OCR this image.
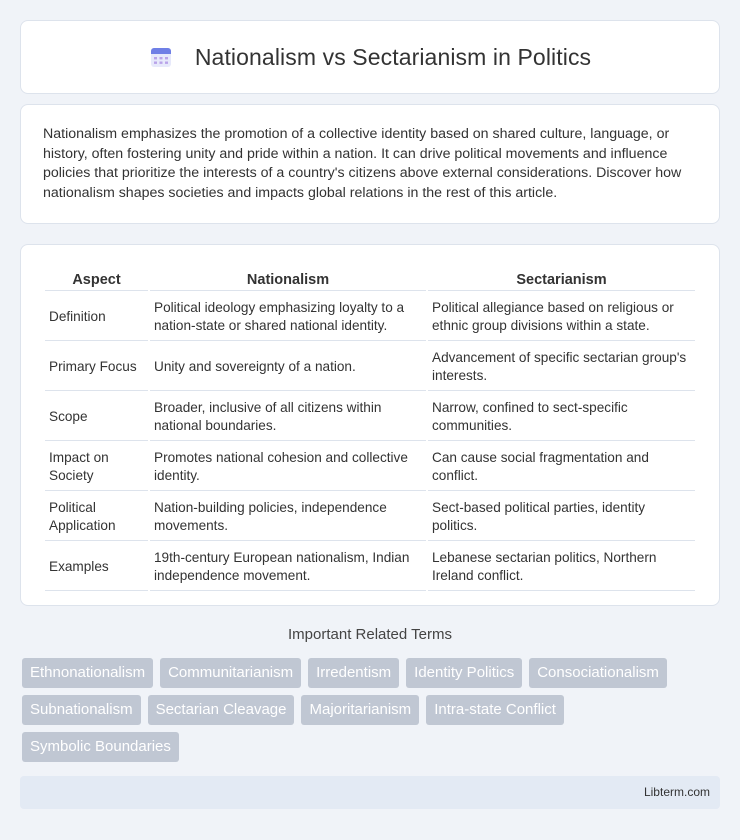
Nationalism vs Sectarianism in Politics

Nationalism emphasizes the promotion of a collective identity based on shared culture, language, or history, often fostering unity and pride within a nation. It can drive political movements and influence policies that prioritize the interests of a country's citizens above external considerations. Discover how nationalism shapes societies and impacts global relations in the rest of this article.

Aspect	Nationalism	Sectarianism
Definition	Political ideology emphasizing loyalty to a nation-state or shared national identity.	Political allegiance based on religious or ethnic group divisions within a state.
Primary Focus	Unity and sovereignty of a nation.	Advancement of specific sectarian group's interests.
Scope	Broader, inclusive of all citizens within national boundaries.	Narrow, confined to sect-specific communities.
Impact on Society	Promotes national cohesion and collective identity.	Can cause social fragmentation and conflict.
Political Application	Nation-building policies, independence movements.	Sect-based political parties, identity politics.
Examples	19th-century European nationalism, Indian independence movement.	Lebanese sectarian politics, Northern Ireland conflict.
Important Related Terms
Ethnonationalism	Communitarianism	Irredentism	Identity Politics	Consociationalism
Subnationalism	Sectarian Cleavage	Majoritarianism	Intra-state Conflict
Symbolic Boundaries
Libterm.com
